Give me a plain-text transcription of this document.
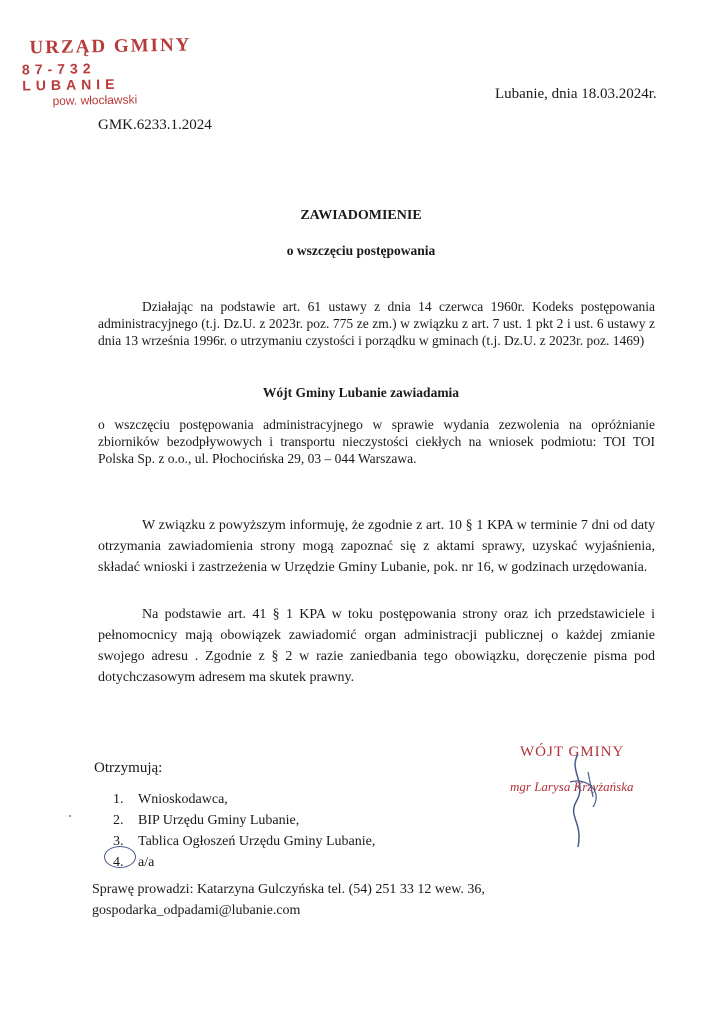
URZĄD GMINY
87-732 LUBANIE
pow. włocławski	Lubanie, dnia 18.03.2024r.
GMK.6233.1.2024
ZAWIADOMIENIE
o wszczęciu postępowania
Działając na podstawie art. 61 ustawy z dnia 14 czerwca 1960r. Kodeks postępowania administracyjnego (t.j. Dz.U. z 2023r. poz. 775 ze zm.) w związku z art. 7 ust. 1 pkt 2 i ust. 6 ustawy z dnia 13 września 1996r. o utrzymaniu czystości i porządku w gminach (t.j. Dz.U. z 2023r. poz. 1469)
Wójt Gminy Lubanie zawiadamia
o wszczęciu postępowania administracyjnego w sprawie wydania zezwolenia na opróżnianie zbiorników bezodpływowych i transportu nieczystości ciekłych na wniosek podmiotu: TOI TOI Polska Sp. z o.o., ul. Płochocińska 29, 03 – 044 Warszawa.
W związku z powyższym informuję, że zgodnie z art. 10 § 1 KPA w terminie 7 dni od daty otrzymania zawiadomienia strony mogą zapoznać się z aktami sprawy, uzyskać wyjaśnienia, składać wnioski i zastrzeżenia w Urzędzie Gminy Lubanie, pok. nr 16, w godzinach urzędowania.
Na podstawie art. 41 § 1 KPA w toku postępowania strony oraz ich przedstawiciele i pełnomocnicy mają obowiązek zawiadomić organ administracji publicznej o każdej zmianie swojego adresu . Zgodnie z § 2 w razie zaniedbania tego obowiązku, doręczenie pisma pod dotychczasowym adresem ma skutek prawny.
WÓJT GMINY
mgr Larysa Krzyżańska
Otrzymują:
1. Wnioskodawca,
2. BIP Urzędu Gminy Lubanie,
3. Tablica Ogłoszeń Urzędu Gminy Lubanie,
4. a/a
Sprawę prowadzi: Katarzyna Gulczyńska tel. (54) 251 33 12 wew. 36,
gospodarka_odpadami@lubanie.com
